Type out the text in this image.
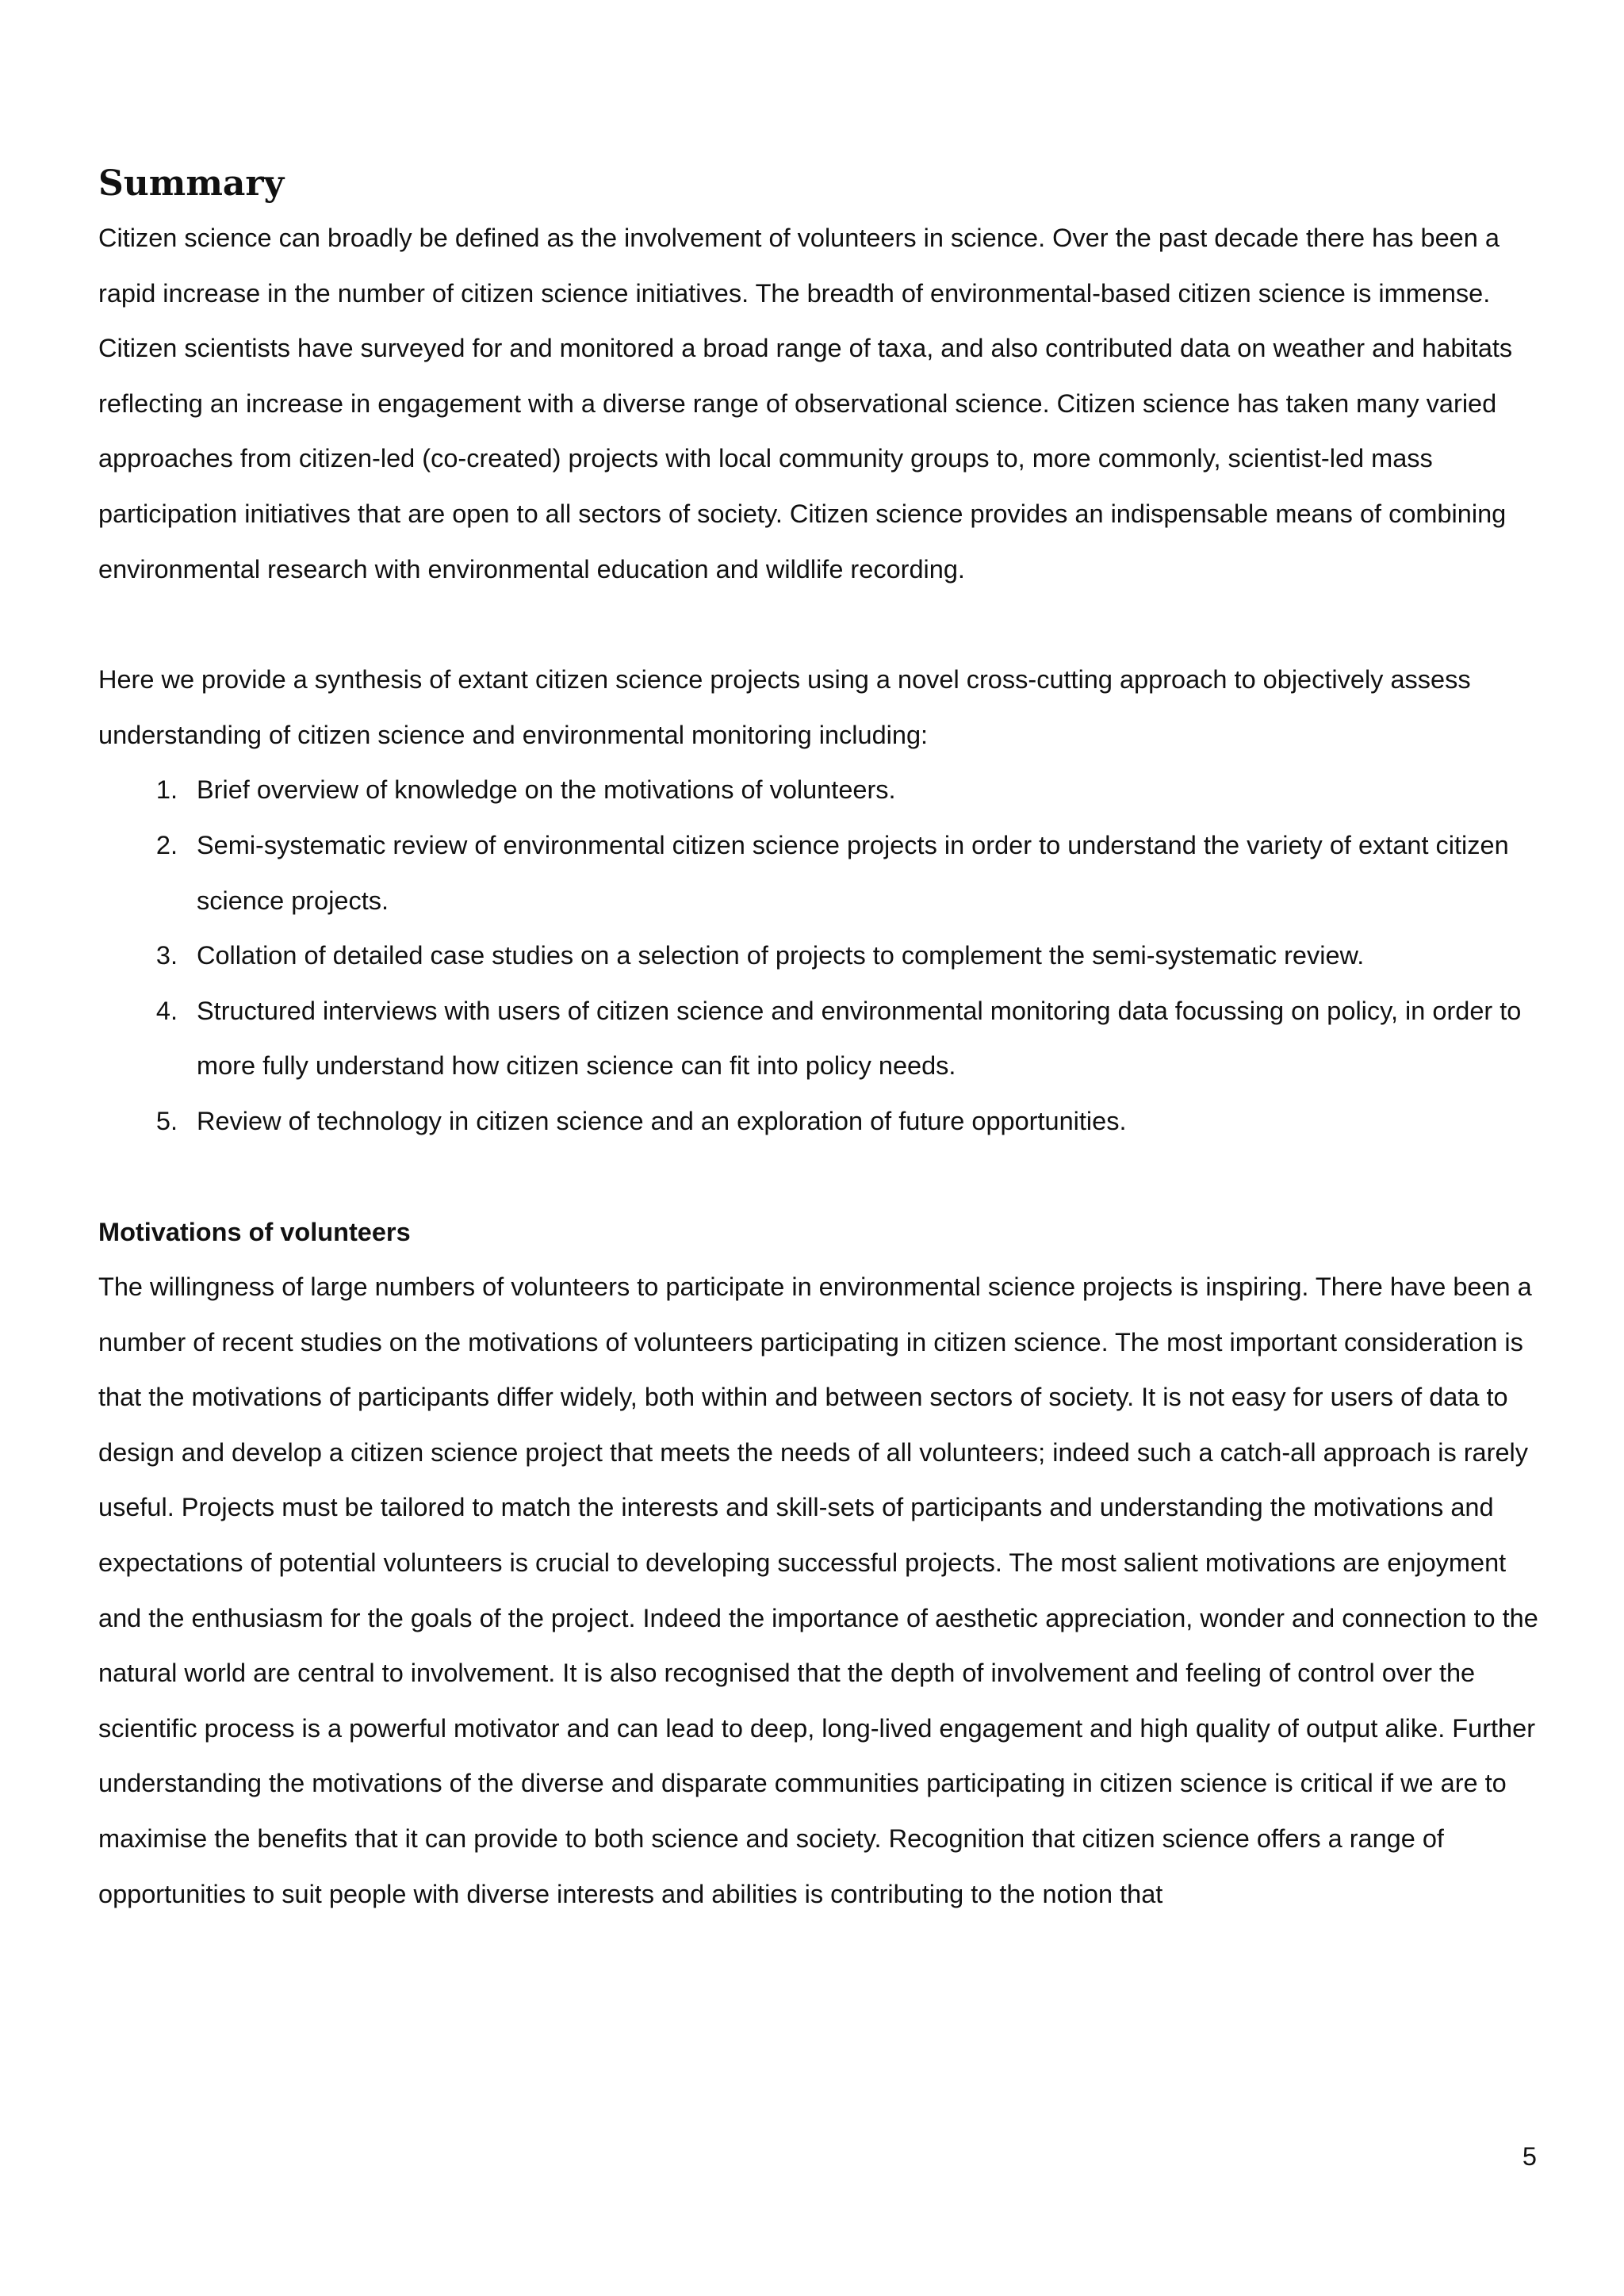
Summary

Citizen science can broadly be defined as the involvement of volunteers in science. Over the past decade there has been a rapid increase in the number of citizen science initiatives. The breadth of environmental-based citizen science is immense. Citizen scientists have surveyed for and monitored a broad range of taxa, and also contributed data on weather and habitats reflecting an increase in engagement with a diverse range of observational science. Citizen science has taken many varied approaches from citizen-led (co-created) projects with local community groups to, more commonly, scientist-led mass participation initiatives that are open to all sectors of society. Citizen science provides an indispensable means of combining environmental research with environmental education and wildlife recording.

Here we provide a synthesis of extant citizen science projects using a novel cross-cutting approach to objectively assess understanding of citizen science and environmental monitoring including:

1. Brief overview of knowledge on the motivations of volunteers.
2. Semi-systematic review of environmental citizen science projects in order to understand the variety of extant citizen science projects.
3. Collation of detailed case studies on a selection of projects to complement the semi-systematic review.
4. Structured interviews with users of citizen science and environmental monitoring data focussing on policy, in order to more fully understand how citizen science can fit into policy needs.
5. Review of technology in citizen science and an exploration of future opportunities.
Motivations of volunteers

The willingness of large numbers of volunteers to participate in environmental science projects is inspiring. There have been a number of recent studies on the motivations of volunteers participating in citizen science. The most important consideration is that the motivations of participants differ widely, both within and between sectors of society. It is not easy for users of data to design and develop a citizen science project that meets the needs of all volunteers; indeed such a catch-all approach is rarely useful. Projects must be tailored to match the interests and skill-sets of participants and understanding the motivations and expectations of potential volunteers is crucial to developing successful projects. The most salient motivations are enjoyment and the enthusiasm for the goals of the project. Indeed the importance of aesthetic appreciation, wonder and connection to the natural world are central to involvement. It is also recognised that the depth of involvement and feeling of control over the scientific process is a powerful motivator and can lead to deep, long-lived engagement and high quality of output alike. Further understanding the motivations of the diverse and disparate communities participating in citizen science is critical if we are to maximise the benefits that it can provide to both science and society. Recognition that citizen science offers a range of opportunities to suit people with diverse interests and abilities is contributing to the notion that

5
